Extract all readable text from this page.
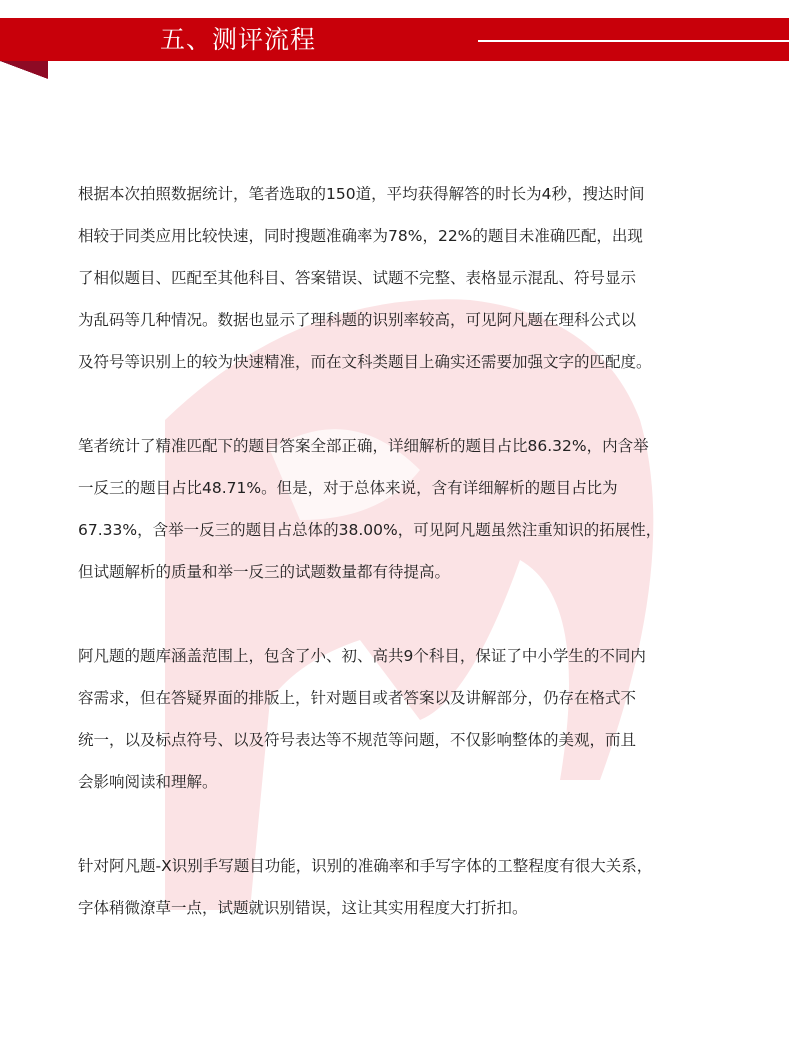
五、测评流程
根据本次拍照数据统计，笔者选取的150道，平均获得解答的时长为4秒，搜达时间
相较于同类应用比较快速，同时搜题准确率为78%，22%的题目未准确匹配，出现
了相似题目、匹配至其他科目、答案错误、试题不完整、表格显示混乱、符号显示
为乱码等几种情况。数据也显示了理科题的识别率较高，可见阿凡题在理科公式以
及符号等识别上的较为快速精准，而在文科类题目上确实还需要加强文字的匹配度。
笔者统计了精准匹配下的题目答案全部正确，详细解析的题目占比86.32%，内含举
一反三的题目占比48.71%。但是，对于总体来说，含有详细解析的题目占比为
67.33%，含举一反三的题目占总体的38.00%，可见阿凡题虽然注重知识的拓展性，
但试题解析的质量和举一反三的试题数量都有待提高。
阿凡题的题库涵盖范围上，包含了小、初、高共9个科目，保证了中小学生的不同内
容需求，但在答疑界面的排版上，针对题目或者答案以及讲解部分，仍存在格式不
统一，以及标点符号、以及符号表达等不规范等问题，不仅影响整体的美观，而且
会影响阅读和理解。
针对阿凡题-X识别手写题目功能，识别的准确率和手写字体的工整程度有很大关系，
字体稍微潦草一点，试题就识别错误，这让其实用程度大打折扣。
